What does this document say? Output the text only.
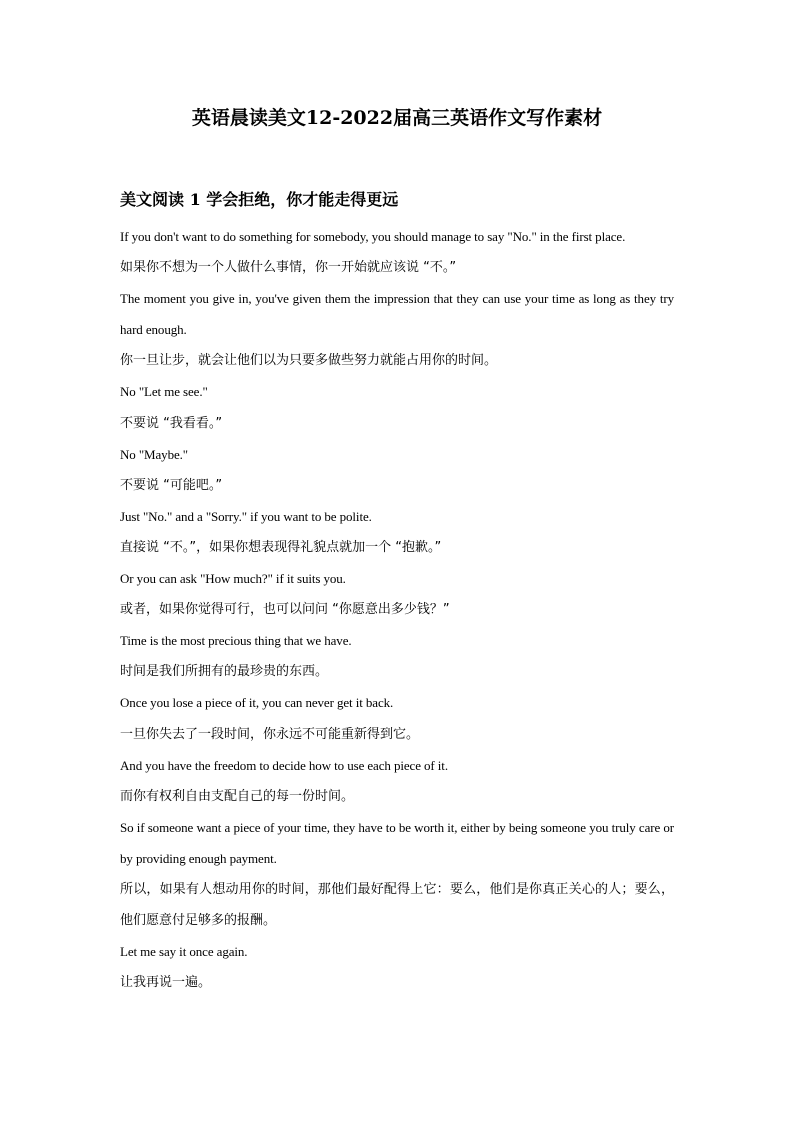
英语晨读美文12-2022届高三英语作文写作素材
美文阅读 1 学会拒绝，你才能走得更远

If you don't want to do something for somebody, you should manage to say "No." in the first place.

如果你不想为一个人做什么事情，你一开始就应该说 “不。”

The moment you give in, you've given them the impression that they can use your time as long as they try hard enough.

你一旦让步，就会让他们以为只要多做些努力就能占用你的时间。

No "Let me see."

不要说 “我看看。”

No "Maybe."

不要说 “可能吧。”

Just "No." and a "Sorry." if you want to be polite.

直接说 “不。”，如果你想表现得礼貌点就加一个 “抱歉。”

Or you can ask "How much?" if it suits you.

或者，如果你觉得可行，也可以问问 “你愿意出多少钱？”

Time is the most precious thing that we have.

时间是我们所拥有的最珍贵的东西。

Once you lose a piece of it, you can never get it back.

一旦你失去了一段时间，你永远不可能重新得到它。

And you have the freedom to decide how to use each piece of it.

而你有权利自由支配自己的每一份时间。

So if someone want a piece of your time, they have to be worth it, either by being someone you truly care or by providing enough payment.

所以，如果有人想动用你的时间，那他们最好配得上它：要么，他们是你真正关心的人；要么，他们愿意付足够多的报酬。

Let me say it once again.

让我再说一遍。
